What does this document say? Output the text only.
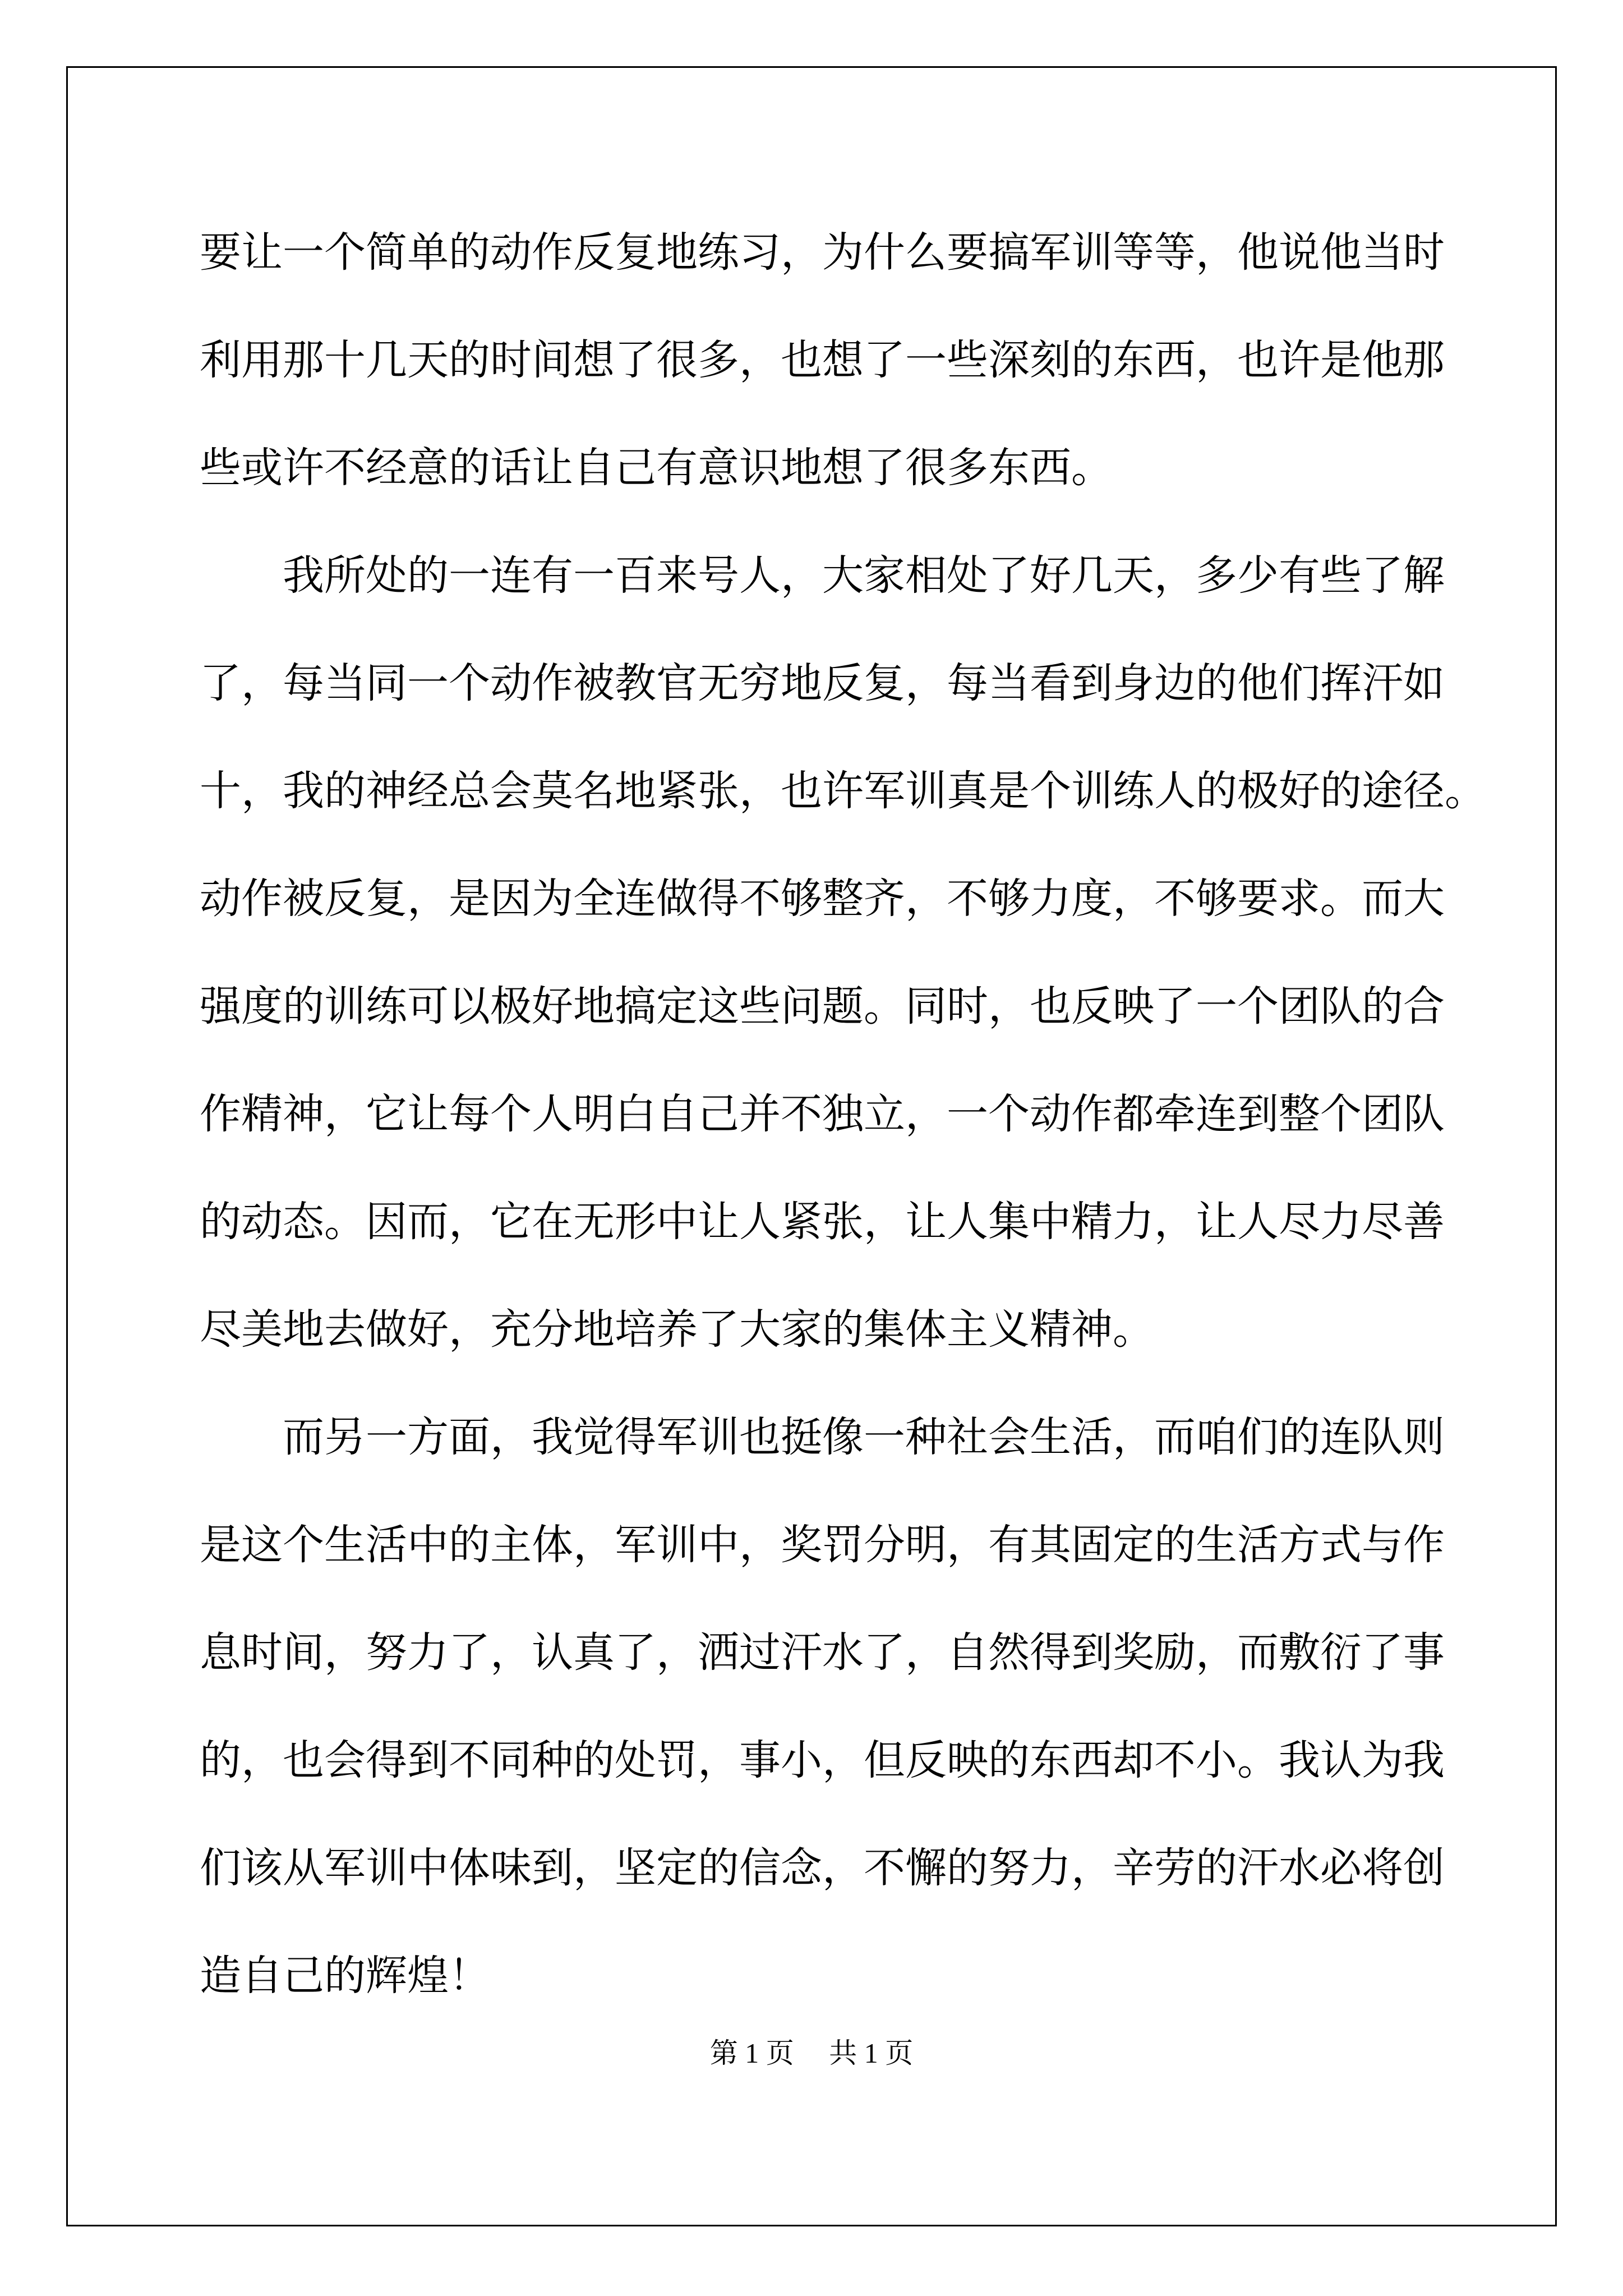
要让一个简单的动作反复地练习，为什么要搞军训等等，他说他当时
利用那十几天的时间想了很多，也想了一些深刻的东西，也许是他那
些或许不经意的话让自己有意识地想了很多东西。
我所处的一连有一百来号人，大家相处了好几天，多少有些了解
了，每当同一个动作被教官无穷地反复，每当看到身边的他们挥汗如
十，我的神经总会莫名地紧张，也许军训真是个训练人的极好的途径。
动作被反复，是因为全连做得不够整齐，不够力度，不够要求。而大
强度的训练可以极好地搞定这些问题。同时，也反映了一个团队的合
作精神，它让每个人明白自己并不独立，一个动作都牵连到整个团队
的动态。因而，它在无形中让人紧张，让人集中精力，让人尽力尽善
尽美地去做好，充分地培养了大家的集体主义精神。
而另一方面，我觉得军训也挺像一种社会生活，而咱们的连队则
是这个生活中的主体，军训中，奖罚分明，有其固定的生活方式与作
息时间，努力了，认真了，洒过汗水了，自然得到奖励，而敷衍了事
的，也会得到不同种的处罚，事小，但反映的东西却不小。我认为我
们该从军训中体味到，坚定的信念，不懈的努力，辛劳的汗水必将创
造自己的辉煌！
第 1 页 共 1 页
